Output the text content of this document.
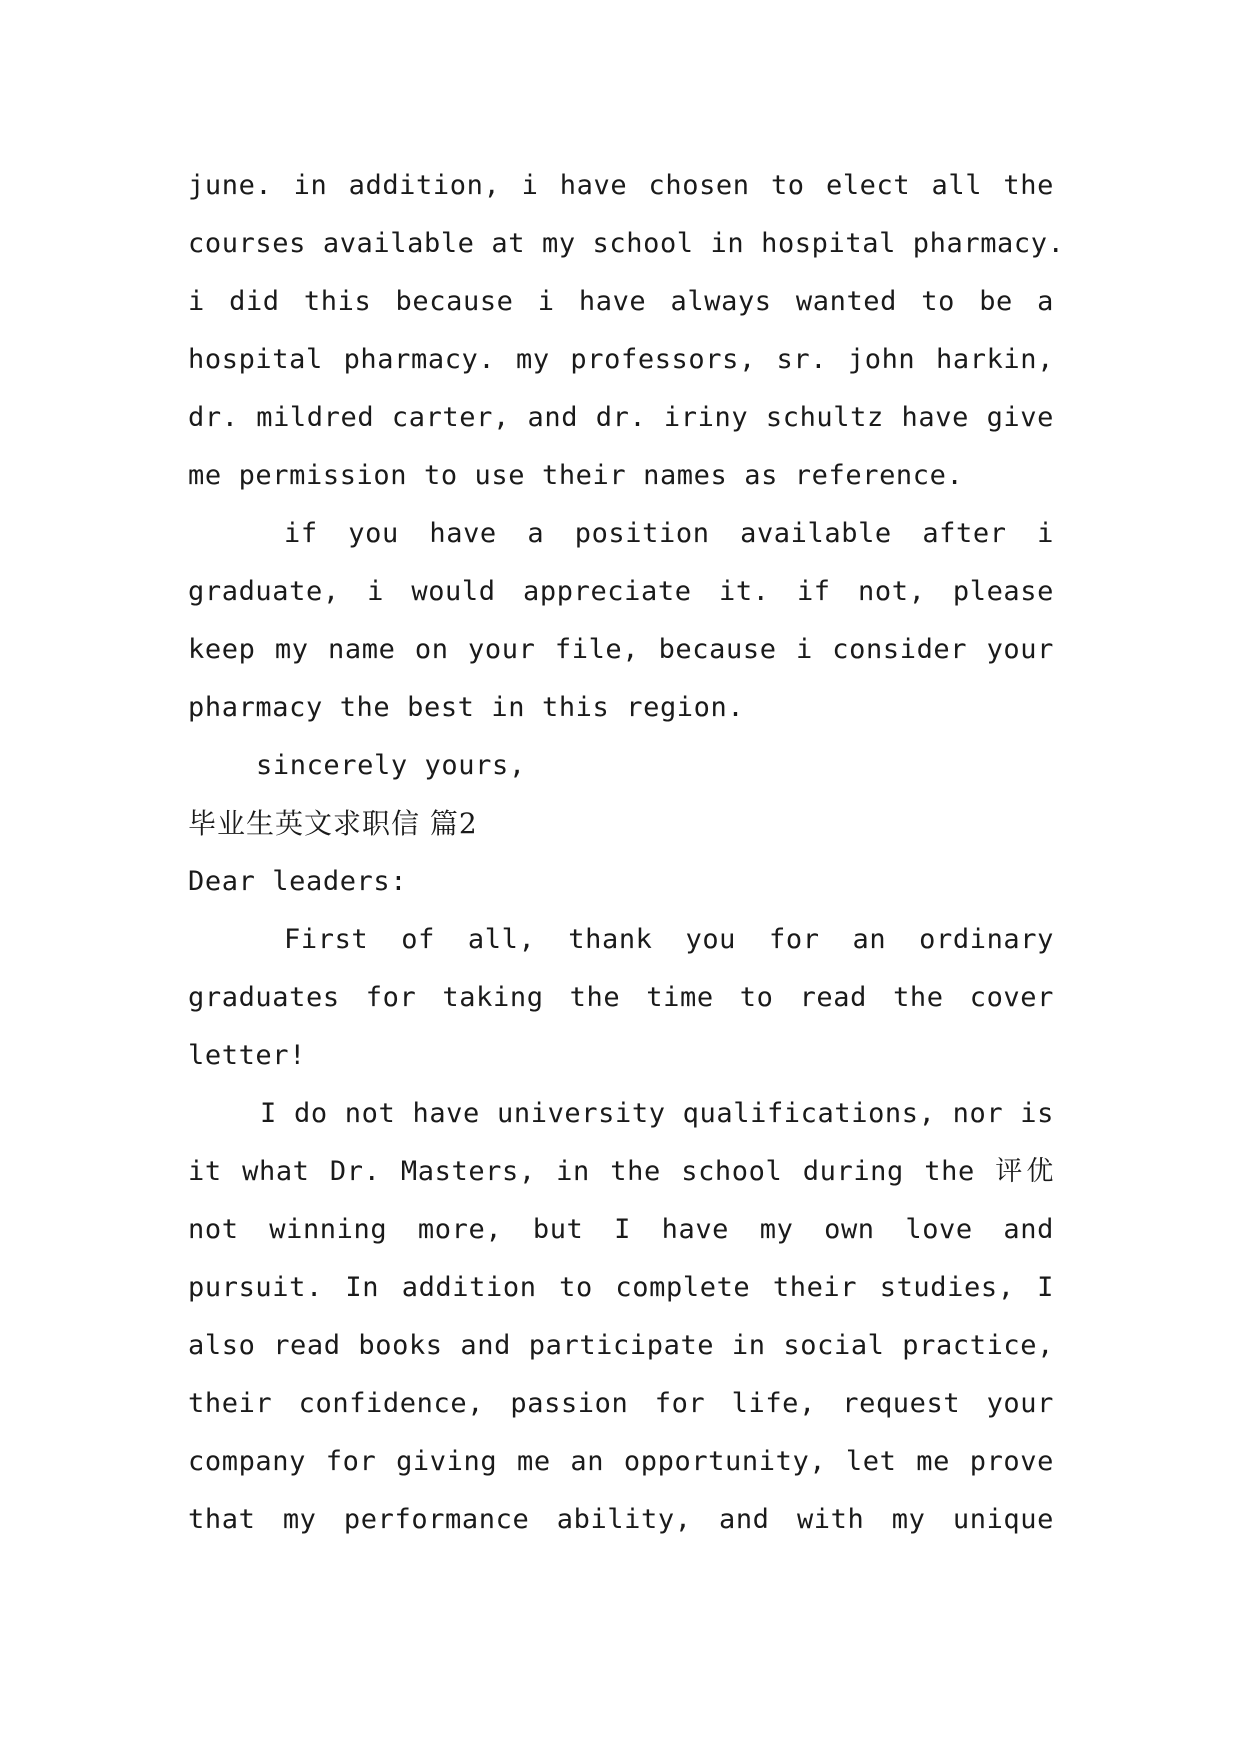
june. in addition, i have chosen to elect all the
courses available at my school in hospital pharmacy.
i did this because i have always wanted to be a
hospital pharmacy. my professors, sr. john harkin,
dr. mildred carter, and dr. iriny schultz have give
me permission to use their names as reference.
if you have a position available after i
graduate, i would appreciate it. if not, please
keep my name on your file, because i consider your
pharmacy the best in this region.
sincerely yours,
毕业生英文求职信 篇2
Dear leaders:
First of all, thank you for an ordinary
graduates for taking the time to read the cover
letter!
I do not have university qualifications, nor is
it what Dr. Masters, in the school during the 评优
not winning more, but I have my own love and
pursuit. In addition to complete their studies, I
also read books and participate in social practice,
their confidence, passion for life, request your
company for giving me an opportunity, let me prove
that my performance ability, and with my unique
